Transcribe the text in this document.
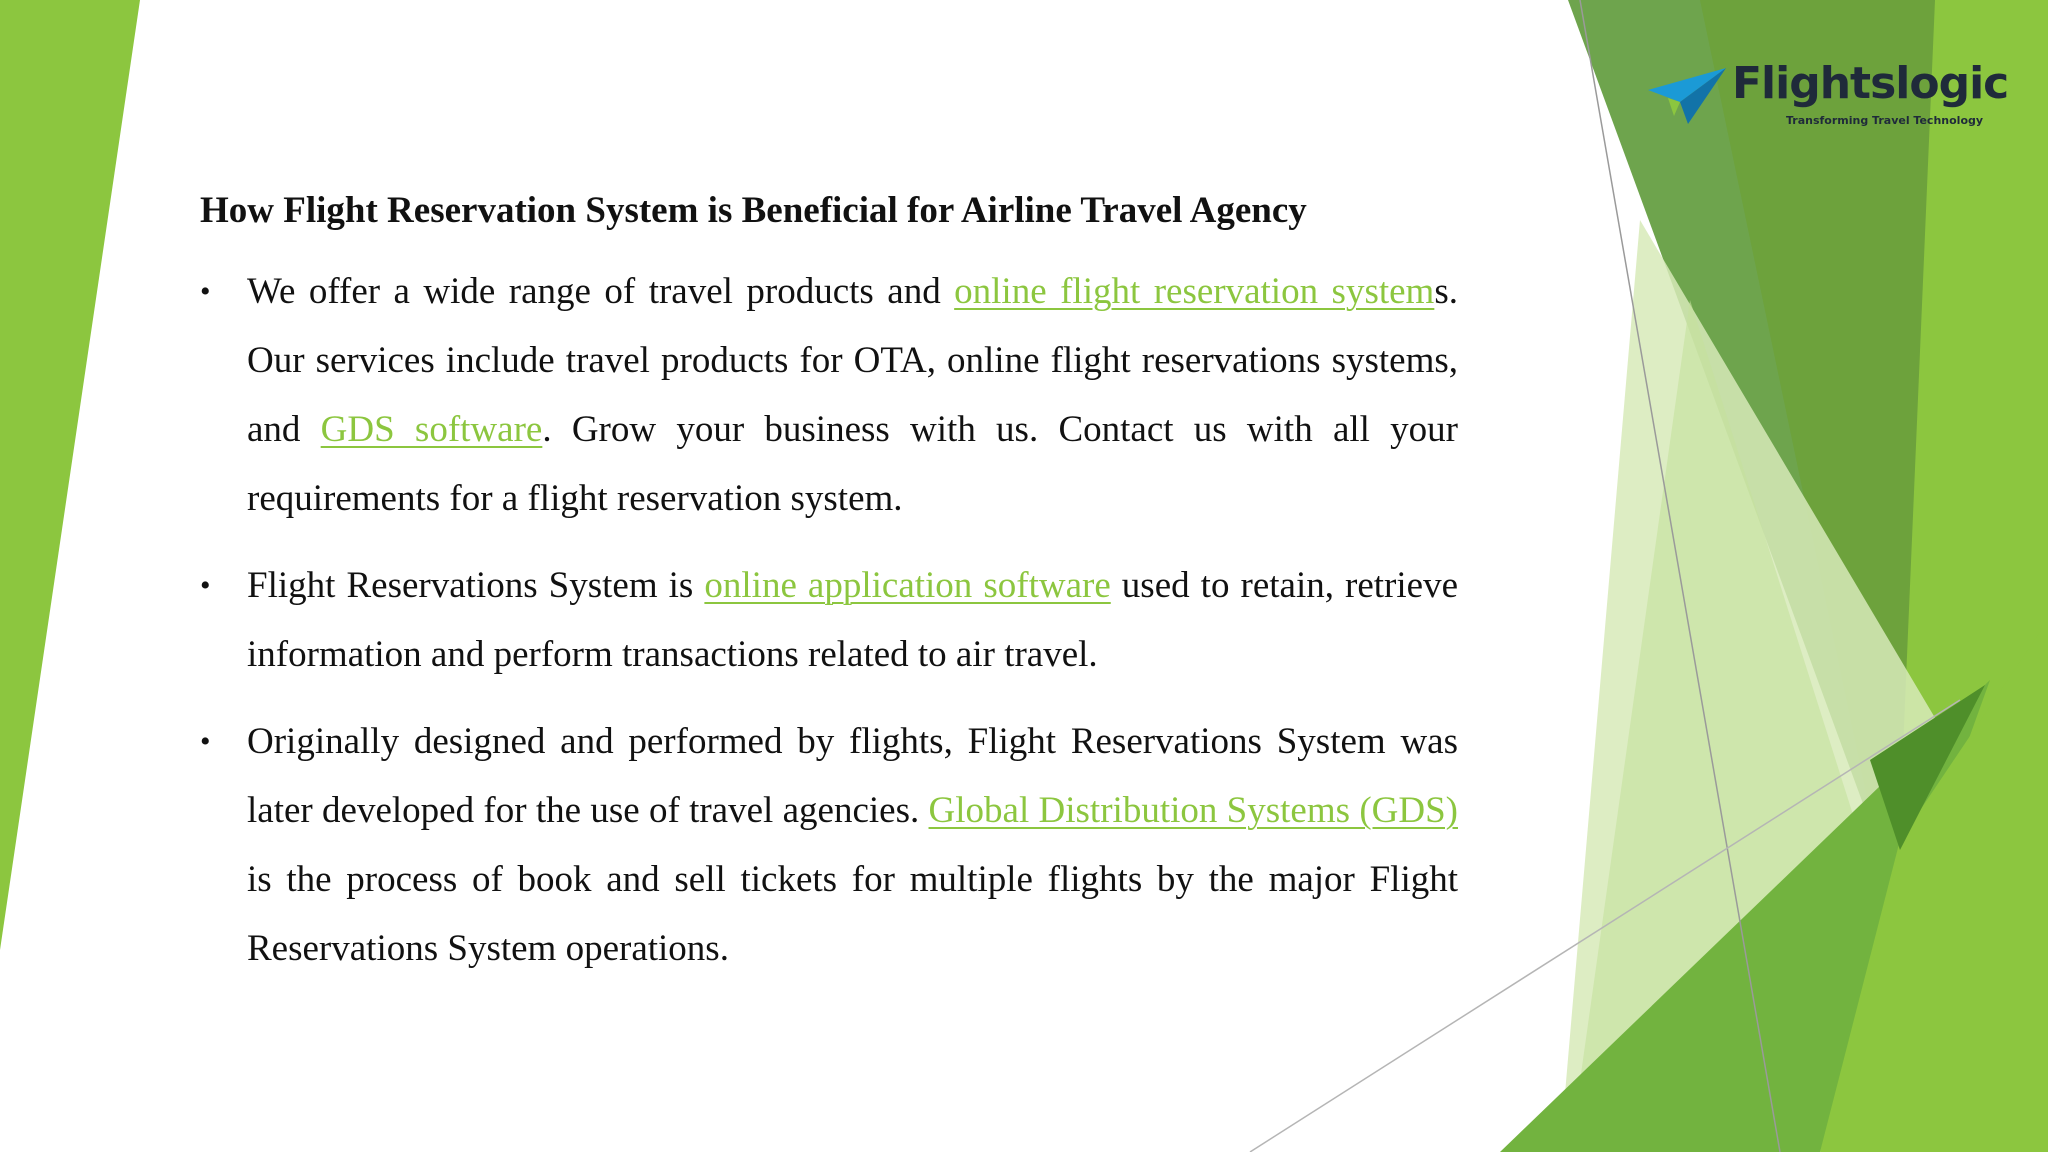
Flightslogic
Transforming Travel Technology
How Flight Reservation System is Beneficial for Airline Travel Agency
• We offer a wide range of travel products and online flight reservation systems. Our services include travel products for OTA, online flight reservations systems, and GDS software. Grow your business with us. Contact us with all your requirements for a flight reservation system.
• Flight Reservations System is online application software used to retain, retrieve information and perform transactions related to air travel.
• Originally designed and performed by flights, Flight Reservations System was later developed for the use of travel agencies. Global Distribution Systems (GDS) is the process of book and sell tickets for multiple flights by the major Flight Reservations System operations.
